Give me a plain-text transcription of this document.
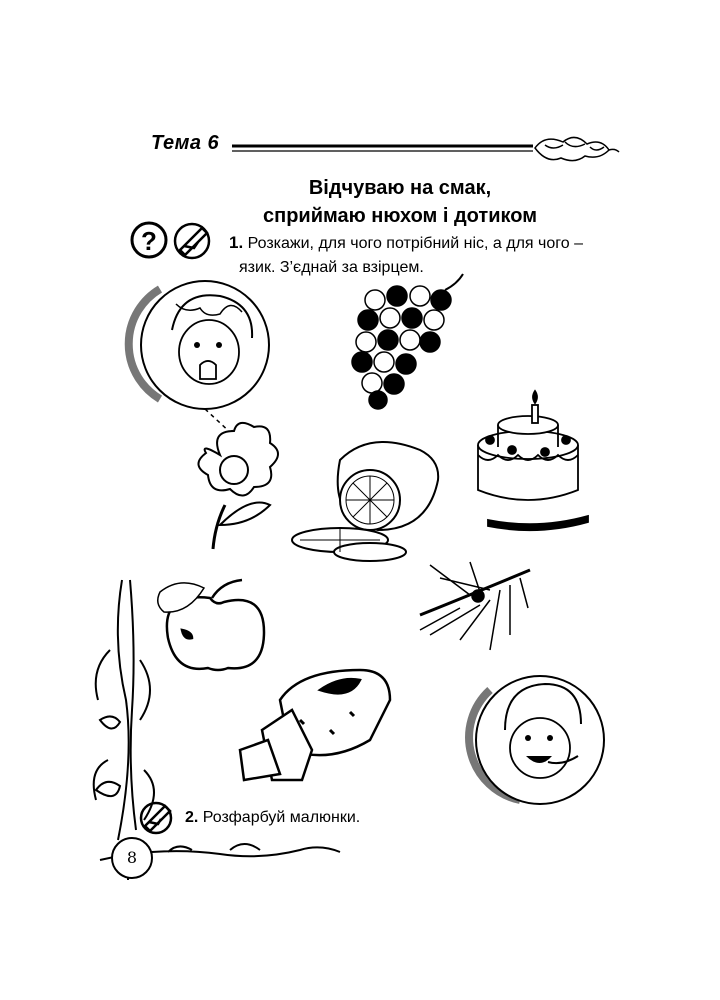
?
Тема 6
Відчуваю на смак,
сприймаю нюхом і дотиком
1. Розкажи, для чого потрібний ніс, а для чого –
язик. З’єднай за взірцем.
2. Розфарбуй малюнки.
8
